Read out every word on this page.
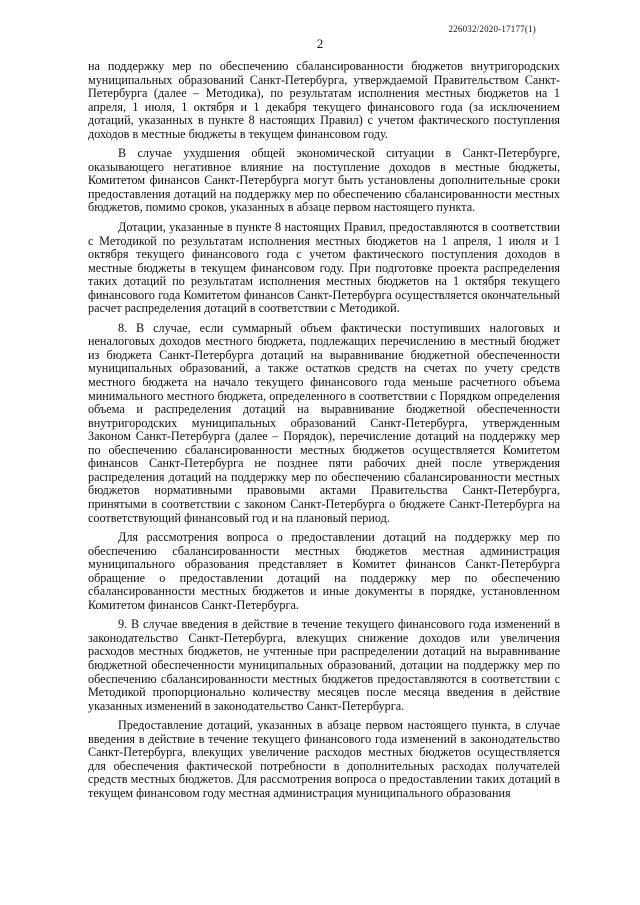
226032/2020-17177(1)
2

на поддержку мер по обеспечению сбалансированности бюджетов внутригородских муниципальных образований Санкт-Петербурга, утверждаемой Правительством Санкт-Петербурга (далее – Методика), по результатам исполнения местных бюджетов на 1 апреля, 1 июля, 1 октября и 1 декабря текущего финансового года (за исключением дотаций, указанных в пункте 8 настоящих Правил) с учетом фактического поступления доходов в местные бюджеты в текущем финансовом году.

В случае ухудшения общей экономической ситуации в Санкт-Петербурге, оказывающего негативное влияние на поступление доходов в местные бюджеты, Комитетом финансов Санкт-Петербурга могут быть установлены дополнительные сроки предоставления дотаций на поддержку мер по обеспечению сбалансированности местных бюджетов, помимо сроков, указанных в абзаце первом настоящего пункта.

Дотации, указанные в пункте 8 настоящих Правил, предоставляются в соответствии с Методикой по результатам исполнения местных бюджетов на 1 апреля, 1 июля и 1 октября текущего финансового года с учетом фактического поступления доходов в местные бюджеты в текущем финансовом году. При подготовке проекта распределения таких дотаций по результатам исполнения местных бюджетов на 1 октября текущего финансового года Комитетом финансов Санкт-Петербурга осуществляется окончательный расчет распределения дотаций в соответствии с Методикой.

8. В случае, если суммарный объем фактически поступивших налоговых и неналоговых доходов местного бюджета, подлежащих перечислению в местный бюджет из бюджета Санкт-Петербурга дотаций на выравнивание бюджетной обеспеченности муниципальных образований, а также остатков средств на счетах по учету средств местного бюджета на начало текущего финансового года меньше расчетного объема минимального местного бюджета, определенного в соответствии с Порядком определения объема и распределения дотаций на выравнивание бюджетной обеспеченности внутригородских муниципальных образований Санкт-Петербурга, утвержденным Законом Санкт-Петербурга (далее – Порядок), перечисление дотаций на поддержку мер по обеспечению сбалансированности местных бюджетов осуществляется Комитетом финансов Санкт-Петербурга не позднее пяти рабочих дней после утверждения распределения дотаций на поддержку мер по обеспечению сбалансированности местных бюджетов нормативными правовыми актами Правительства Санкт-Петербурга, принятыми в соответствии с законом Санкт-Петербурга о бюджете Санкт-Петербурга на соответствующий финансовый год и на плановый период.

Для рассмотрения вопроса о предоставлении дотаций на поддержку мер по обеспечению сбалансированности местных бюджетов местная администрация муниципального образования представляет в Комитет финансов Санкт-Петербурга обращение о предоставлении дотаций на поддержку мер по обеспечению сбалансированности местных бюджетов и иные документы в порядке, установленном Комитетом финансов Санкт-Петербурга.

9. В случае введения в действие в течение текущего финансового года изменений в законодательство Санкт-Петербурга, влекущих снижение доходов или увеличения расходов местных бюджетов, не учтенные при распределении дотаций на выравнивание бюджетной обеспеченности муниципальных образований, дотации на поддержку мер по обеспечению сбалансированности местных бюджетов предоставляются в соответствии с Методикой пропорционально количеству месяцев после месяца введения в действие указанных изменений в законодательство Санкт-Петербурга.

Предоставление дотаций, указанных в абзаце первом настоящего пункта, в случае введения в действие в течение текущего финансового года изменений в законодательство Санкт-Петербурга, влекущих увеличение расходов местных бюджетов осуществляется для обеспечения фактической потребности в дополнительных расходах получателей средств местных бюджетов. Для рассмотрения вопроса о предоставлении таких дотаций в текущем финансовом году местная администрация муниципального образования
